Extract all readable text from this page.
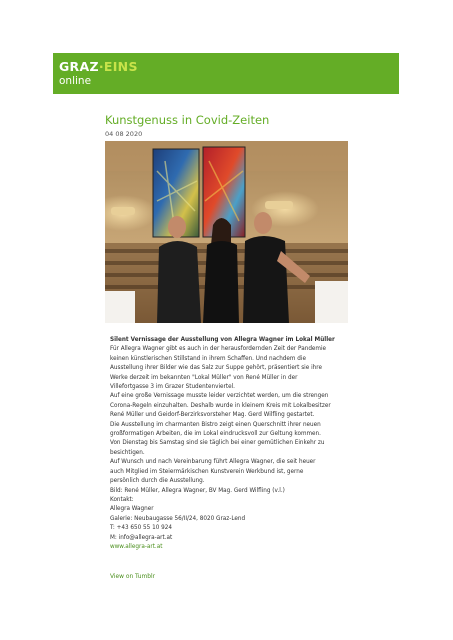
GRAZ·EINS
online
Kunstgenuss in Covid-Zeiten
04 08 2020

Silent Vernissage der Ausstellung von Allegra Wagner im Lokal Müller

Für Allegra Wagner gibt es auch in der herausfordernden Zeit der Pandemie

keinen künstlerischen Stillstand in ihrem Schaffen. Und nachdem die

Ausstellung ihrer Bilder wie das Salz zur Suppe gehört, präsentiert sie ihre

Werke derzeit im bekannten "Lokal Müller" von René Müller in der

Villefortgasse 3 im Grazer Studentenviertel.

Auf eine große Vernissage musste leider verzichtet werden, um die strengen

Corona-Regeln einzuhalten. Deshalb wurde in kleinem Kreis mit Lokalbesitzer

René Müller und Geidorf-Berzirksvorsteher Mag. Gerd Wilfling gestartet.

Die Ausstellung im charmanten Bistro zeigt einen Querschnitt ihrer neuen

großformatigen Arbeiten, die im Lokal eindrucksvoll zur Geltung kommen.

Von Dienstag bis Samstag sind sie täglich bei einer gemütlichen Einkehr zu

besichtigen.

Auf Wunsch und nach Vereinbarung führt Allegra Wagner, die seit heuer

auch Mitglied im Steiermärkischen Kunstverein Werkbund ist, gerne

persönlich durch die Ausstellung.

Bild: René Müller, Allegra Wagner, BV Mag. Gerd Wilfling (v.l.)

Kontakt:

Allegra Wagner

Galerie: Neubaugasse 56/II/24, 8020 Graz-Lend

T: +43 650 55 10 924

M: info@allegra-art.at

www.allegra-art.at

View on Tumblr
